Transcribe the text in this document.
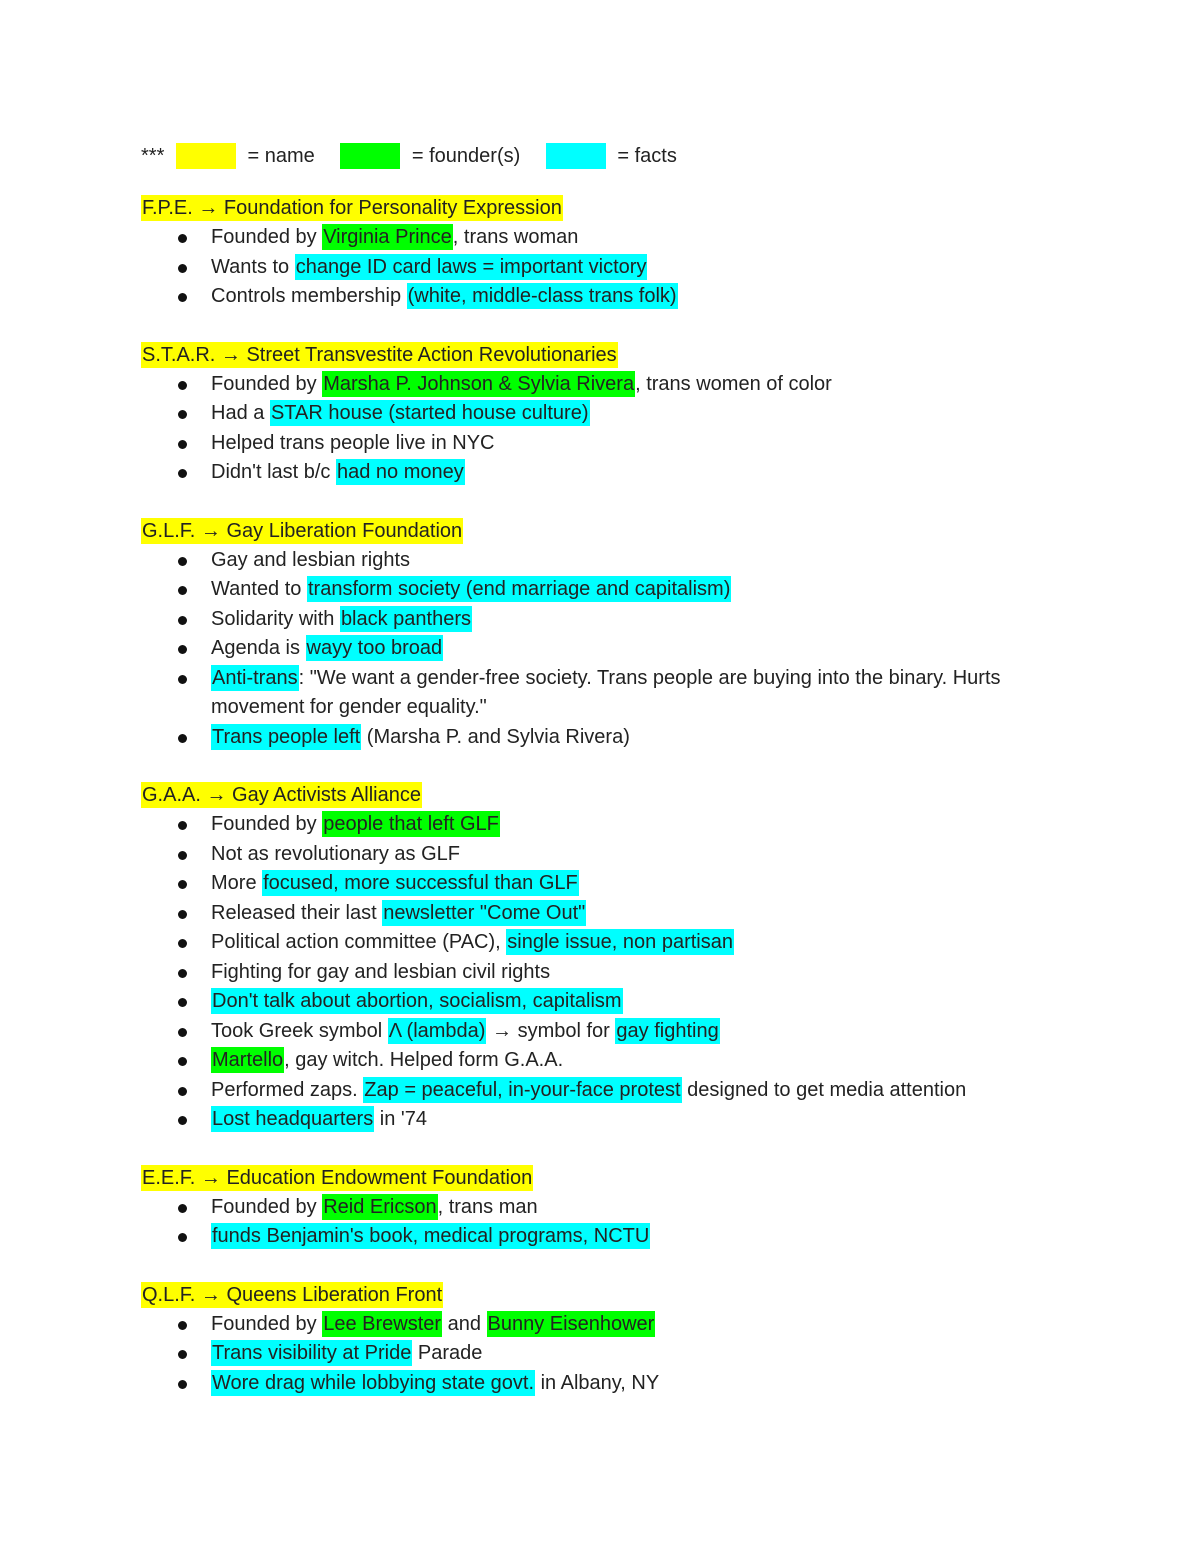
***	= name	= founder(s)	= facts
F.P.E. → Foundation for Personality Expression
Founded by Virginia Prince, trans woman
Wants to change ID card laws = important victory
Controls membership (white, middle-class trans folk)
S.T.A.R. → Street Transvestite Action Revolutionaries
Founded by Marsha P. Johnson & Sylvia Rivera, trans women of color
Had a STAR house (started house culture)
Helped trans people live in NYC
Didn't last b/c had no money
G.L.F. → Gay Liberation Foundation
Gay and lesbian rights
Wanted to transform society (end marriage and capitalism)
Solidarity with black panthers
Agenda is wayy too broad
Anti-trans: "We want a gender-free society. Trans people are buying into the binary. Hurts movement for gender equality."
Trans people left (Marsha P. and Sylvia Rivera)
G.A.A. → Gay Activists Alliance
Founded by people that left GLF
Not as revolutionary as GLF
More focused, more successful than GLF
Released their last newsletter "Come Out"
Political action committee (PAC), single issue, non partisan
Fighting for gay and lesbian civil rights
Don't talk about abortion, socialism, capitalism
Took Greek symbol Λ (lambda) → symbol for gay fighting
Martello, gay witch. Helped form G.A.A.
Performed zaps. Zap = peaceful, in-your-face protest designed to get media attention
Lost headquarters in '74
E.E.F. → Education Endowment Foundation
Founded by Reid Ericson, trans man
funds Benjamin's book, medical programs, NCTU
Q.L.F. → Queens Liberation Front
Founded by Lee Brewster and Bunny Eisenhower
Trans visibility at Pride Parade
Wore drag while lobbying state govt. in Albany, NY
